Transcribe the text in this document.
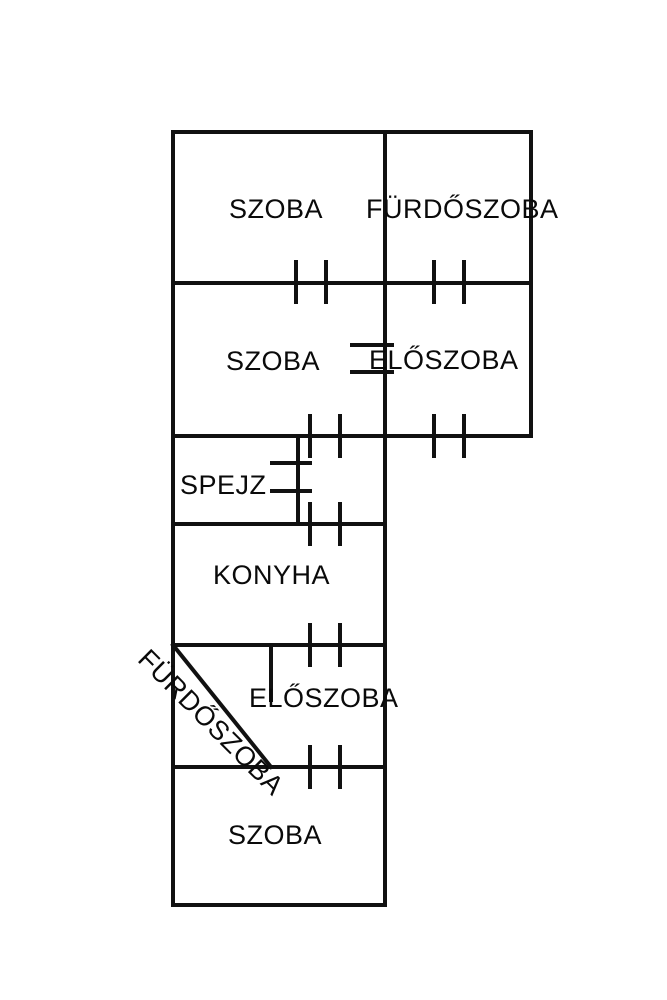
SZOBA FÜRDŐSZOBA
SZOBA ELŐSZOBA
SPEJZ
KONYHA
FÜRDŐSZOBA
ELŐSZOBA
SZOBA
